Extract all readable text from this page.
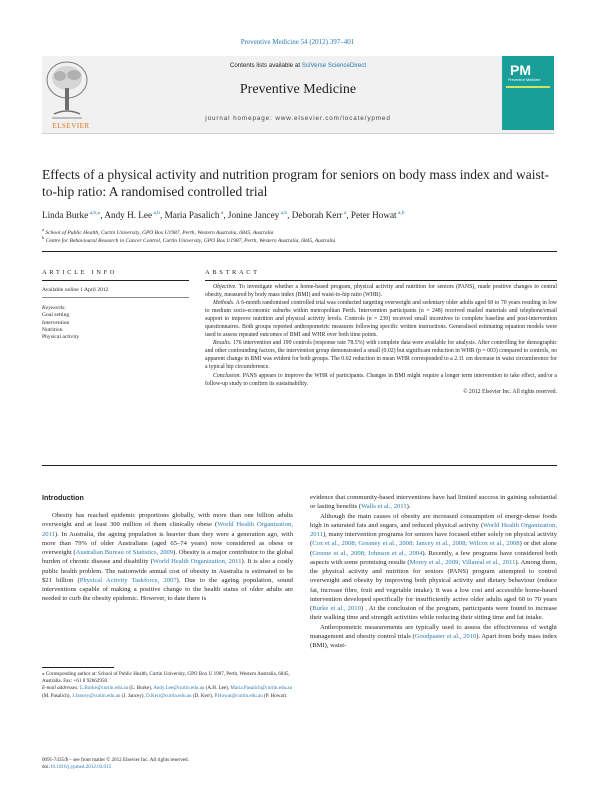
Preventive Medicine 54 (2012) 397–401
ELSEVIER
Contents lists available at SciVerse ScienceDirect
Preventive Medicine
journal homepage: www.elsevier.com/locate/ypmed
PM
Preventive Medicine
Effects of a physical activity and nutrition program for seniors on body mass index and waist-to-hip ratio: A randomised controlled trial
Linda Burke $^{a,b,⁎}$, Andy H. Lee $^{a,b}$, Maria Pasalich $^a$, Jonine Jancey $^{a,b}$, Deborah Kerr $^a$, Peter Howat $^{a,b}$
$^a$ School of Public Health, Curtin University, GPO Box U1987, Perth, Western Australia, 6845, Australia
$^b$ Centre for Behavioural Research in Cancer Control, Curtin University, GPO Box U1987, Perth, Western Australia, 6845, Australia
ARTICLE INFO
Available online 1 April 2012
Keywords:
Goal setting
Intervention
Nutrition
Physical activity
ABSTRACT

Objective. To investigate whether a home-based program, physical activity and nutrition for seniors (PANS), made positive changes to central obesity, measured by body mass index (BMI) and waist-to-hip ratio (WHR).

Methods. A 6-month randomised controlled trial was conducted targeting overweight and sedentary older adults aged 60 to 70 years residing in low to medium socio-economic suburbs within metropolitan Perth. Intervention participants (n = 248) received mailed materials and telephone/email support to improve nutrition and physical activity levels. Controls (n = 230) received small incentives to complete baseline and post-intervention questionnaires. Both groups reported anthropometric measures following specific written instructions. Generalised estimating equation models were used to assess repeated outcomes of BMI and WHR over both time points.

Results. 176 intervention and 199 controls (response rate 78.5%) with complete data were available for analysis. After controlling for demographic and other confounding factors, the intervention group demonstrated a small (0.02) but significant reduction in WHR (p = 003) compared to controls, no apparent change in BMI was evident for both groups. The 0.02 reduction in mean WHR corresponded to a 2.11 cm decrease in waist circumference for a typical hip circumference.

Conclusion. PANS appears to improve the WHR of participants. Changes in BMI might require a longer term intervention to take effect, and/or a follow-up study to confirm its sustainability.

© 2012 Elsevier Inc. All rights reserved.

Introduction

Obesity has reached epidemic proportions globally, with more than one billion adults overweight and at least 300 million of them clinically obese (World Health Organization, 2011). In Australia, the ageing population is heavier than they were a generation ago, with more than 79% of older Australians (aged 65–74 years) now considered as obese or overweight (Australian Bureau of Statistics, 2009). Obesity is a major contributor to the global burden of chronic disease and disability (World Health Organization, 2011). It is also a costly public health problem. The nationwide annual cost of obesity in Australia is estimated to be $21 billion (Physical Activity Taskforce, 2007). Due to the ageing population, sound interventions capable of making a positive change to the health status of older adults are needed to curb the obesity epidemic. However, to date there is

evidence that community-based interventions have had limited success in gaining substantial or lasting benefits (Walls et al., 2011).

Although the main causes of obesity are increased consumption of energy-dense foods high in saturated fats and sugars, and reduced physical activity (World Health Organization, 2011), many intervention programs for seniors have focused either solely on physical activity (Cox et al., 2008; Greaney et al., 2008; Jancey et al., 2008; Wilcox et al., 2008) or diet alone (Greene et al., 2008; Johnson et al., 2004). Recently, a few programs have considered both aspects with some promising results (Morey et al., 2009; Villareal et al., 2011). Among them, the physical activity and nutrition for seniors (PANS) program attempted to control overweight and obesity by improving both physical activity and dietary behaviour (reduce fat, increase fibre, fruit and vegetable intake). It was a low cost and accessible home-based intervention developed specifically for insufficiently active older adults aged 60 to 70 years (Burke et al., 2010) . At the conclusion of the program, participants were found to increase their walking time and strength activities while reducing their sitting time and fat intake.

Anthropometric measurements are typically used to assess the effectiveness of weight management and obesity control trials (Goodpaster et al., 2010). Apart from body mass index (BMI), waist-

⁎ Corresponding author at: School of Public Health, Curtin University, GPO Box U 1987, Perth, Western Australia, 6845, Australia. Fax: +61 8 92662958.
E-mail addresses: L.Burke@curtin.edu.au (L. Burke), Andy.Lee@curtin.edu.au (A.H. Lee), Maria.Pasalich@curtin.edu.au (M. Pasalich), J.Jancey@curtin.edu.au (J. Jancey), D.Kerr@curtin.edu.au (D. Kerr), P.Howat@curtin.edu.au (P. Howat).
0091-7435/$ – see front matter © 2012 Elsevier Inc. All rights reserved.
doi:10.1016/j.ypmed.2012.03.015
